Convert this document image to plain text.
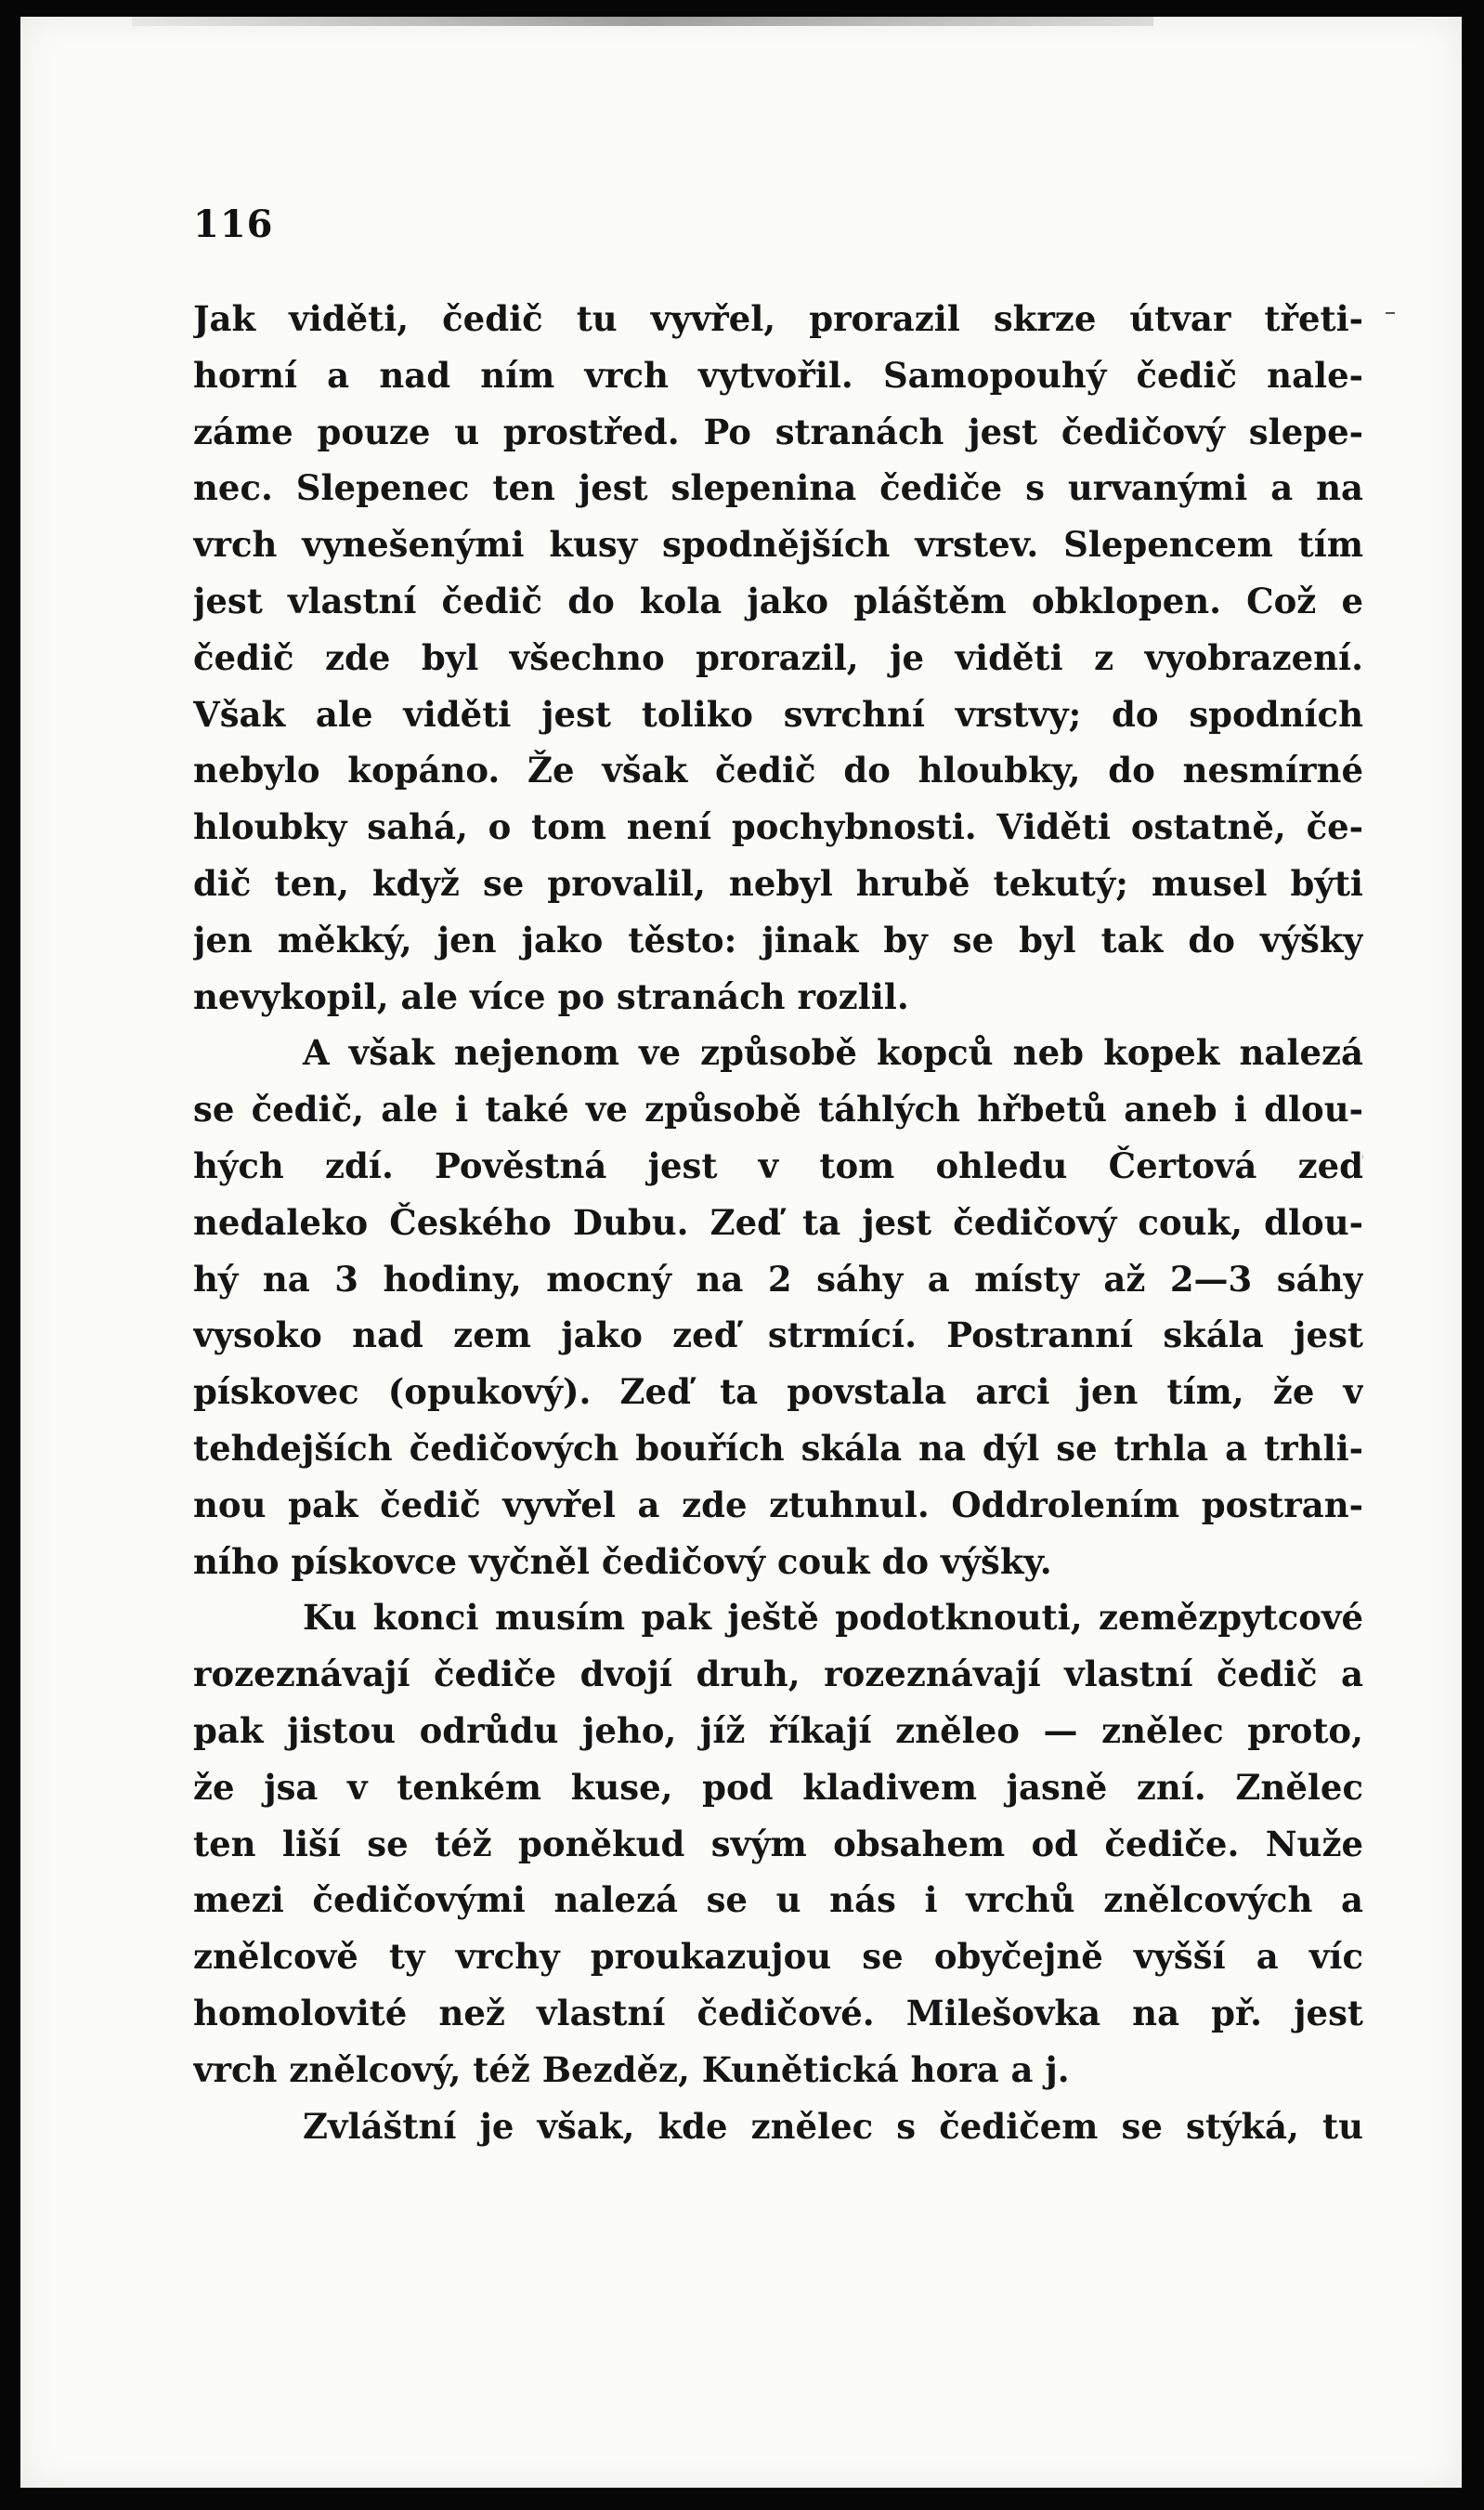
116
Jak viděti, čedič tu vyvřel, prorazil skrze útvar třeti-
horní a nad ním vrch vytvořil. Samopouhý čedič nale-
záme pouze u prostřed. Po stranách jest čedičový slepe-
nec. Slepenec ten jest slepenina čediče s urvanými a na
vrch vynešenými kusy spodnějších vrstev. Slepencem tím
jest vlastní čedič do kola jako pláštěm obklopen. Což e
čedič zde byl všechno prorazil, je viděti z vyobrazení.
Však ale viděti jest toliko svrchní vrstvy; do spodních
nebylo kopáno. Že však čedič do hloubky, do nesmírné
hloubky sahá, o tom není pochybnosti. Viděti ostatně, če-
dič ten, když se provalil, nebyl hrubě tekutý; musel býti
jen měkký, jen jako těsto: jinak by se byl tak do výšky
nevykopil, ale více po stranách rozlil.
A však nejenom ve způsobě kopců neb kopek nalezá
se čedič, ale i také ve způsobě táhlých hřbetů aneb i dlou-
hých zdí. Pověstná jest v tom ohledu Čertová zeď
nedaleko Českého Dubu. Zeď ta jest čedičový couk, dlou-
hý na 3 hodiny, mocný na 2 sáhy a místy až 2—3 sáhy
vysoko nad zem jako zeď strmící. Postranní skála jest
pískovec (opukový). Zeď ta povstala arci jen tím, že v
tehdejších čedičových bouřích skála na dýl se trhla a trhli-
nou pak čedič vyvřel a zde ztuhnul. Oddrolením postran-
ního pískovce vyčněl čedičový couk do výšky.
Ku konci musím pak ještě podotknouti, zemězpytcové
rozeznávají čediče dvojí druh, rozeznávají vlastní čedič a
pak jistou odrůdu jeho, jíž říkají zněleo — znělec proto,
že jsa v tenkém kuse, pod kladivem jasně zní. Znělec
ten liší se též poněkud svým obsahem od čediče. Nuže
mezi čedičovými nalezá se u nás i vrchů znělcových a
znělcově ty vrchy proukazujou se obyčejně vyšší a víc
homolovité než vlastní čedičové. Milešovka na př. jest
vrch znělcový, též Bezděz, Kunětická hora a j.
Zvláštní je však, kde znělec s čedičem se stýká, tu
